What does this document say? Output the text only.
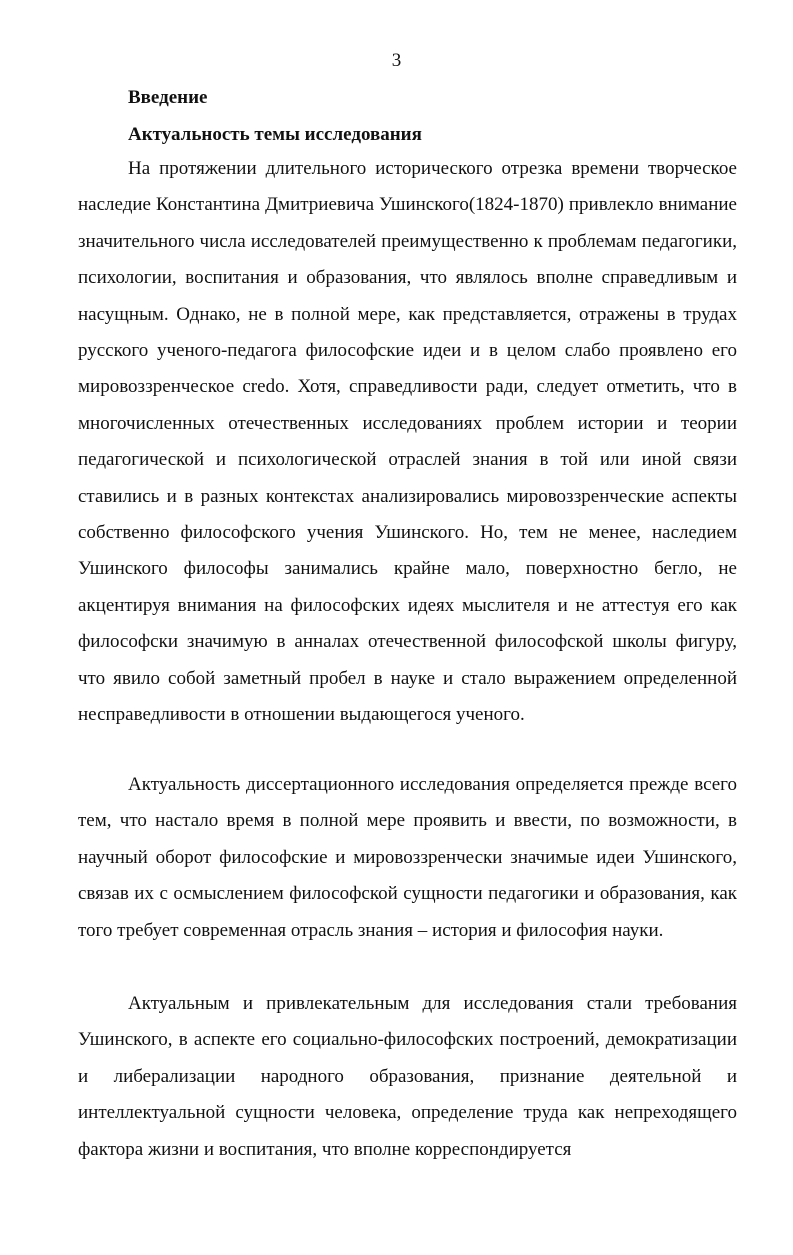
3
Введение
Актуальность темы исследования

На протяжении длительного исторического отрезка времени творческое наследие Константина Дмитриевича Ушинского(1824-1870) привлекло внимание значительного числа исследователей преимущественно к проблемам педагогики, психологии, воспитания и образования, что являлось вполне справедливым и насущным. Однако, не в полной мере, как представляется, отражены в трудах русского ученого-педагога философские идеи и в целом слабо проявлено его мировоззренческое credo. Хотя, справедливости ради, следует отметить, что в многочисленных отечественных исследованиях проблем истории и теории педагогической и психологической отраслей знания в той или иной связи ставились и в разных контекстах анализировались мировоззренческие аспекты собственно философского учения Ушинского. Но, тем не менее, наследием Ушинского философы занимались крайне мало, поверхностно бегло, не акцентируя внимания на философских идеях мыслителя и не аттестуя его как философски значимую в анналах отечественной философской школы фигуру, что явило собой заметный пробел в науке и стало выражением определенной несправедливости в отношении выдающегося ученого.

Актуальность диссертационного исследования определяется прежде всего тем, что настало время в полной мере проявить и ввести, по возможности, в научный оборот философские и мировоззренчески значимые идеи Ушинского, связав их с осмыслением философской сущности педагогики и образования, как того требует современная отрасль знания – история и философия науки.

Актуальным и привлекательным для исследования стали требования Ушинского, в аспекте его социально-философских построений, демократизации и либерализации народного образования, признание деятельной и интеллектуальной сущности человека, определение труда как непреходящего фактора жизни и воспитания, что вполне корреспондируется
